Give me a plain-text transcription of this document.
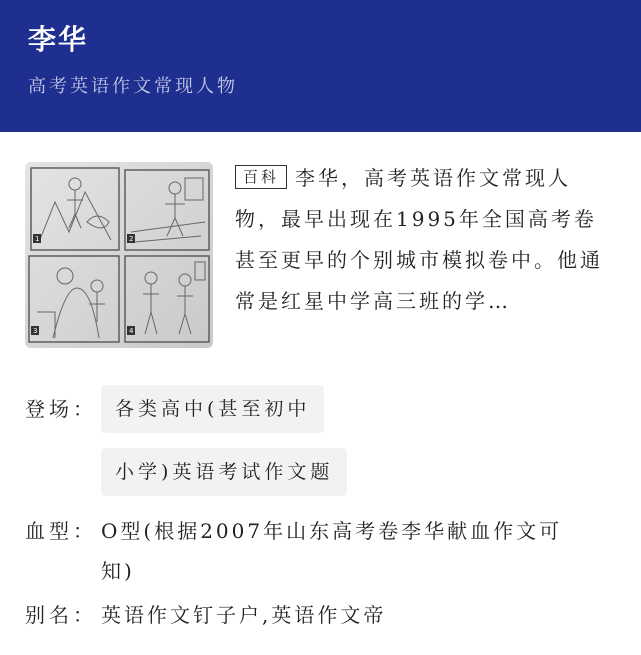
李华
高考英语作文常现人物
1	2
3	4
百科 李华，高考英语作文常现人物，最早出现在1995年全国高考卷甚至更早的个别城市模拟卷中。他通常是红星中学高三班的学…
登场： 各类高中(甚至初中
小学)英语考试作文题
血型： O型(根据2007年山东高考卷李华献血作文可
知)
别名： 英语作文钉子户,英语作文帝
